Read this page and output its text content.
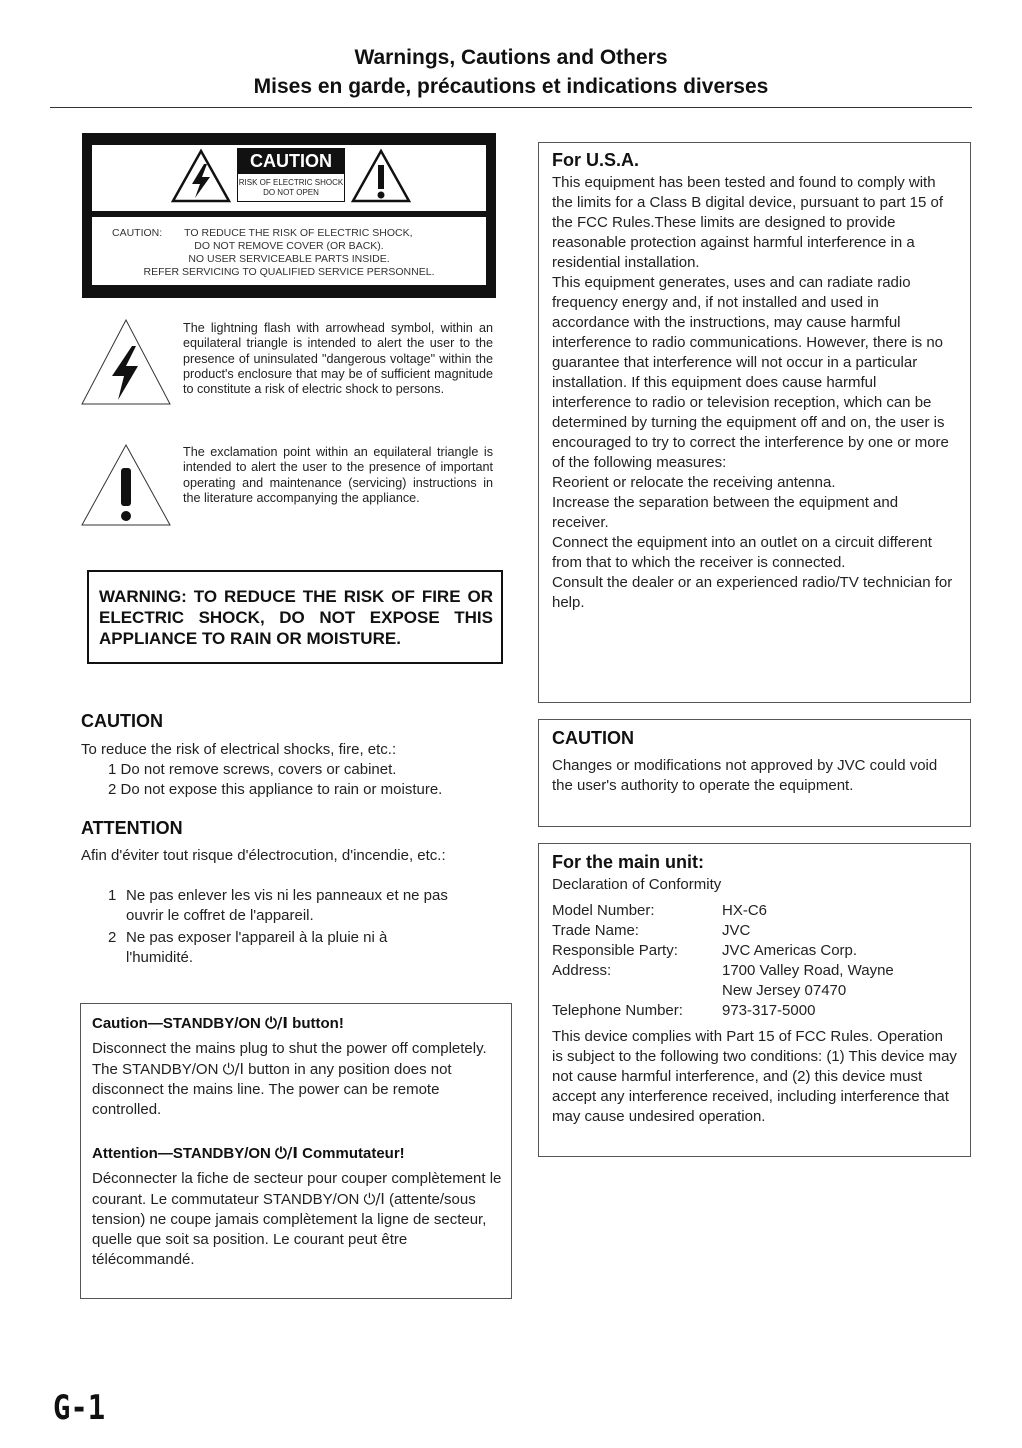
Warnings, Cautions and Others
Mises en garde, précautions et indications diverses
CAUTION
RISK OF ELECTRIC SHOCK
DO NOT OPEN
CAUTION: TO REDUCE THE RISK OF ELECTRIC SHOCK,
DO NOT REMOVE COVER (OR BACK).
NO USER SERVICEABLE PARTS INSIDE.
REFER SERVICING TO QUALIFIED SERVICE PERSONNEL.
The lightning flash with arrowhead symbol, within an equilateral triangle is intended to alert the user to the presence of uninsulated "dangerous voltage" within the product's enclosure that may be of sufficient magnitude to constitute a risk of electric shock to persons.
The exclamation point within an equilateral triangle is intended to alert the user to the presence of important operating and maintenance (servicing) instructions in the literature accompanying the appliance.
WARNING: TO REDUCE THE RISK OF FIRE OR ELECTRIC SHOCK, DO NOT EXPOSE THIS APPLIANCE TO RAIN OR MOISTURE.
CAUTION
To reduce the risk of electrical shocks, fire, etc.:
1 Do not remove screws, covers or cabinet.
2 Do not expose this appliance to rain or moisture.
ATTENTION
Afin d'éviter tout risque d'électrocution, d'incendie, etc.:
1 Ne pas enlever les vis ni les panneaux et ne pas
ouvrir le coffret de l'appareil.
2 Ne pas exposer l'appareil à la pluie ni à
l'humidité.
Caution—STANDBY/ON ⏻/I button!
Disconnect the mains plug to shut the power off completely. The STANDBY/ON ⏻/I button in any position does not disconnect the mains line. The power can be remote controlled.
Attention—STANDBY/ON ⏻/I Commutateur!
Déconnecter la fiche de secteur pour couper complètement le courant. Le commutateur STANDBY/ON ⏻/I (attente/sous tension) ne coupe jamais complètement la ligne de secteur, quelle que soit sa position. Le courant peut être télécommandé.
For U.S.A.

This equipment has been tested and found to comply with the limits for a Class B digital device, pursuant to part 15 of the FCC Rules.These limits are designed to provide reasonable protection against harmful interference in a residential installation.

This equipment generates, uses and can radiate radio frequency energy and, if not installed and used in accordance with the instructions, may cause harmful interference to radio communications. However, there is no guarantee that interference will not occur in a particular installation. If this equipment does cause harmful interference to radio or television reception, which can be determined by turning the equipment off and on, the user is encouraged to try to correct the interference by one or more of the following measures:

Reorient or relocate the receiving antenna.

Increase the separation between the equipment and receiver.

Connect the equipment into an outlet on a circuit different from that to which the receiver is connected.

Consult the dealer or an experienced radio/TV technician for help.

CAUTION
Changes or modifications not approved by JVC could void the user's authority to operate the equipment.
For the main unit:
Declaration of Conformity
Model Number:	HX-C6
Trade Name:	JVC
Responsible Party:	JVC Americas Corp.
Address:	1700 Valley Road, Wayne
New Jersey 07470
Telephone Number:	973-317-5000
This device complies with Part 15 of FCC Rules. Operation is subject to the following two conditions: (1) This device may not cause harmful interference, and (2) this device must accept any interference received, including interference that may cause undesired operation.
G-1
